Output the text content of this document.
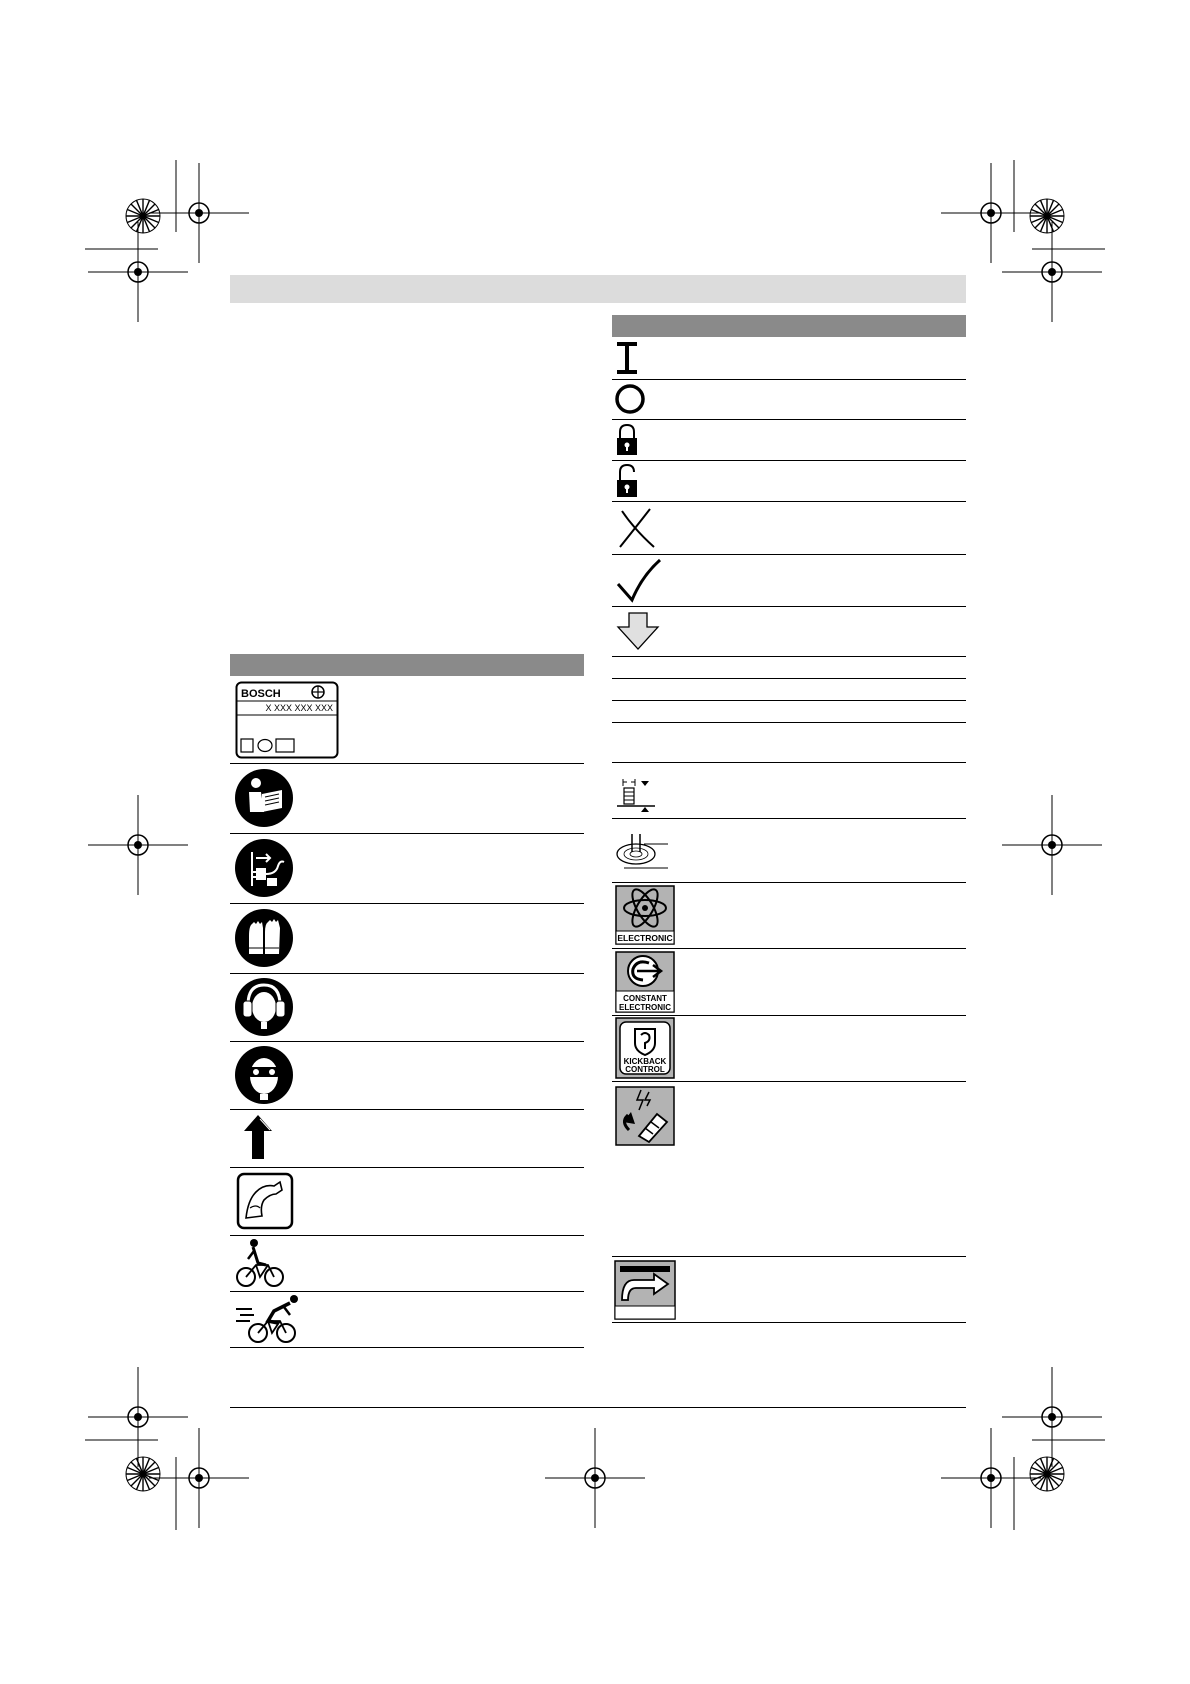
BOSCH
X XXX XXX XXX
ELECTRONIC
CONSTANT
ELECTRONIC
KICKBACK
CONTROL
